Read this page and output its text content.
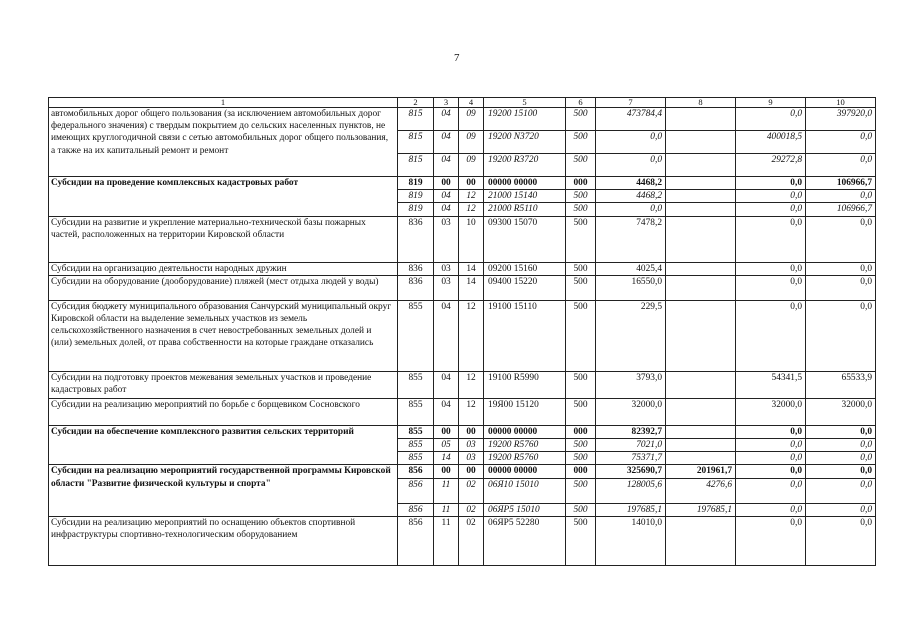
7
1	2	3	4	5	6	7	8	9	10
автомобильных дорог общего пользования (за исключением автомобильных дорог федерального значения) с твердым покрытием до сельских населенных пунктов, не имеющих круглогодичной связи с сетью автомобильных дорог общего пользования, а также на их капитальный ремонт и ремонт	815	04	09	19200 15100	500	473784,4		0,0	397920,0
	815	04	09	19200 N3720	500	0,0		400018,5	0,0
	815	04	09	19200 R3720	500	0,0		29272,8	0,0
Субсидии на проведение комплексных кадастровых работ	819	00	00	00000 00000	000	4468,2		0,0	106966,7
	819	04	12	21000 15140	500	4468,2		0,0	0,0
	819	04	12	21000 R5110	500	0,0		0,0	106966,7
Субсидии на развитие и укрепление материально-технической базы пожарных частей, расположенных на территории Кировской области	836	03	10	09300 15070	500	7478,2		0,0	0,0
Субсидии на организацию деятельности народных дружин	836	03	14	09200 15160	500	4025,4		0,0	0,0
Субсидии на оборудование (дооборудование) пляжей (мест отдыха людей у воды)	836	03	14	09400 15220	500	16550,0		0,0	0,0
Субсидия бюджету муниципального образования Санчурский муниципальный округ Кировской области на выделение земельных участков из земель сельскохозяйственного назначения в счет невостребованных земельных долей и (или) земельных долей, от права собственности на которые граждане отказались	855	04	12	19100 15110	500	229,5		0,0	0,0
Субсидии на подготовку проектов межевания земельных участков и проведение кадастровых работ	855	04	12	19100 R5990	500	3793,0		54341,5	65533,9
Субсидии на реализацию мероприятий по борьбе с борщевиком Сосновского	855	04	12	19Я00 15120	500	32000,0		32000,0	32000,0
Субсидии на обеспечение комплексного развития сельских территорий	855	00	00	00000 00000	000	82392,7		0,0	0,0
	855	05	03	19200 R5760	500	7021,0		0,0	0,0
	855	14	03	19200 R5760	500	75371,7		0,0	0,0
Субсидии на реализацию мероприятий государственной программы Кировской области "Развитие физической культуры и спорта"	856	00	00	00000 00000	000	325690,7	201961,7	0,0	0,0
	856	11	02	06Я10 15010	500	128005,6	4276,6	0,0	0,0
	856	11	02	06ЯР5 15010	500	197685,1	197685,1	0,0	0,0
Субсидии на реализацию мероприятий по оснащению объектов спортивной инфраструктуры спортивно-технологическим оборудованием	856	11	02	06ЯР5 52280	500	14010,0		0,0	0,0
